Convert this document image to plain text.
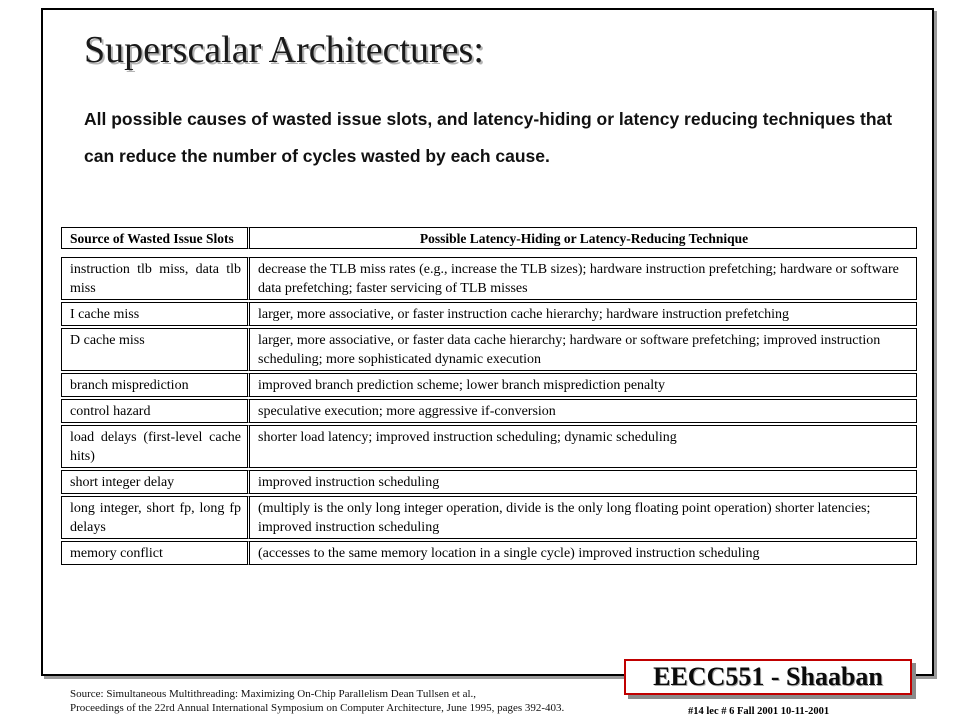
Superscalar Architectures:

All possible causes of wasted issue slots, and latency-hiding or latency reducing techniques that can reduce the number of cycles wasted by each cause.

Source of Wasted Issue Slots	Possible Latency-Hiding or Latency-Reducing Technique

instruction tlb miss, data tlb miss	decrease the TLB miss rates (e.g., increase the TLB sizes); hardware instruction prefetching; hardware or software data prefetching; faster servicing of TLB misses
I cache miss	larger, more associative, or faster instruction cache hierarchy; hardware instruction prefetching
D cache miss	larger, more associative, or faster data cache hierarchy; hardware or software prefetching; improved instruction scheduling; more sophisticated dynamic execution
branch misprediction	improved branch prediction scheme; lower branch misprediction penalty
control hazard	speculative execution; more aggressive if-conversion
load delays (first-level cache hits)	shorter load latency; improved instruction scheduling; dynamic scheduling
short integer delay	improved instruction scheduling
long integer, short fp, long fp delays	(multiply is the only long integer operation, divide is the only long floating point operation) shorter latencies; improved instruction scheduling
memory conflict	(accesses to the same memory location in a single cycle) improved instruction scheduling
EECC551 - Shaaban

Source: Simultaneous Multithreading: Maximizing On-Chip Parallelism Dean Tullsen et al.,
Proceedings of the 22rd Annual International Symposium on Computer Architecture, June 1995, pages 392-403.	#14 lec # 6 Fall 2001 10-11-2001
